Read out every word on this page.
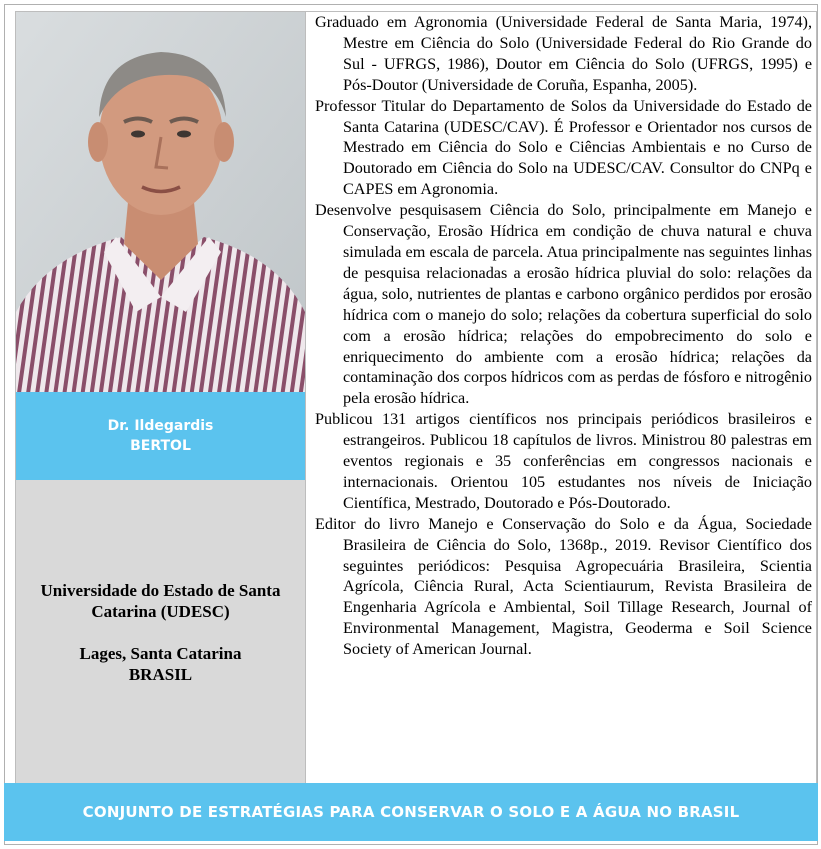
Dr. Ildegardis
BERTOL
Universidade do Estado de Santa
Catarina (UDESC)
Lages, Santa Catarina
BRASIL

Graduado em Agronomia (Universidade Federal de Santa Maria, 1974), Mestre em Ciência do Solo (Universidade Federal do Rio Grande do Sul - UFRGS, 1986), Doutor em Ciência do Solo (UFRGS, 1995) e Pós-Doutor (Universidade de Coruña, Espanha, 2005).

Professor Titular do Departamento de Solos da Universidade do Estado de Santa Catarina (UDESC/CAV). É Professor e Orientador nos cursos de Mestrado em Ciência do Solo e Ciências Ambientais e no Curso de Doutorado em Ciência do Solo na UDESC/CAV. Consultor do CNPq e CAPES em Agronomia.

Desenvolve pesquisasem Ciência do Solo, principalmente em Manejo e Conservação, Erosão Hídrica em condição de chuva natural e chuva simulada em escala de parcela. Atua principalmente nas seguintes linhas de pesquisa relacionadas a erosão hídrica pluvial do solo: relações da água, solo, nutrientes de plantas e carbono orgânico perdidos por erosão hídrica com o manejo do solo; relações da cobertura superficial do solo com a erosão hídrica; relações do empobrecimento do solo e enriquecimento do ambiente com a erosão hídrica; relações da contaminação dos corpos hídricos com as perdas de fósforo e nitrogênio pela erosão hídrica.

Publicou 131 artigos científicos nos principais periódicos brasileiros e estrangeiros. Publicou 18 capítulos de livros. Ministrou 80 palestras em eventos regionais e 35 conferências em congressos nacionais e internacionais. Orientou 105 estudantes nos níveis de Iniciação Científica, Mestrado, Doutorado e Pós-Doutorado.

Editor do livro Manejo e Conservação do Solo e da Água, Sociedade Brasileira de Ciência do Solo, 1368p., 2019. Revisor Científico dos seguintes periódicos: Pesquisa Agropecuária Brasileira, Scientia Agrícola, Ciência Rural, Acta Scientiaurum, Revista Brasileira de Engenharia Agrícola e Ambiental, Soil Tillage Research, Journal of Environmental Management, Magistra, Geoderma e Soil Science Society of American Journal.

CONJUNTO DE ESTRATÉGIAS PARA CONSERVAR O SOLO E A ÁGUA NO BRASIL
